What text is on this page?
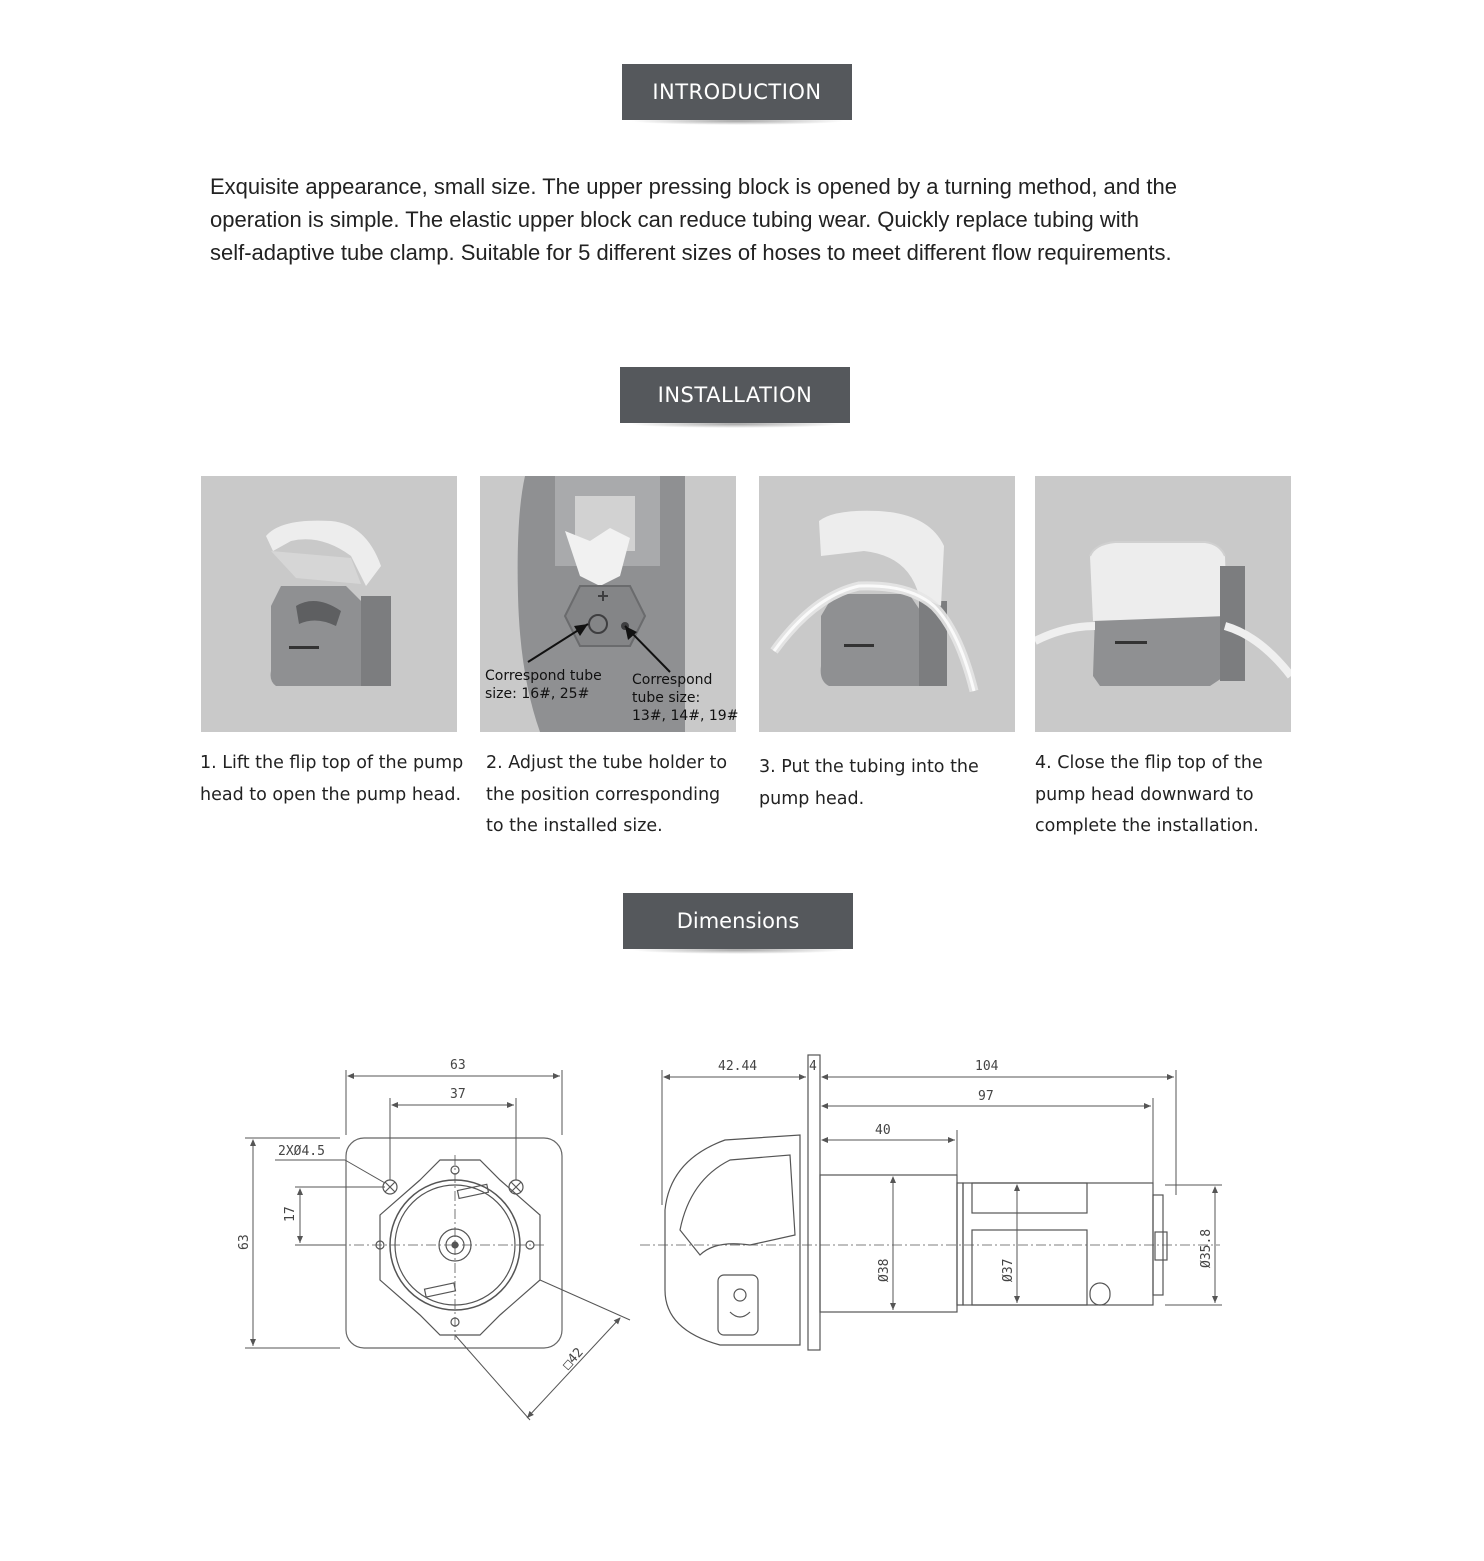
INTRODUCTION
Exquisite appearance, small size. The upper pressing block is opened by a turning method, and the
operation is simple. The elastic upper block can reduce tubing wear. Quickly replace tubing with
self-adaptive tube clamp. Suitable for 5 different sizes of hoses to meet different flow requirements.
INSTALLATION
Correspond tube
size: 16#, 25#
Correspond
tube size:
13#, 14#, 19#
1. Lift the flip top of the pump
head to open the pump head.
2. Adjust the tube holder to
the position corresponding
to the installed size.
3. Put the tubing into the
pump head.
4. Close the flip top of the
pump head downward to
complete the installation.
Dimensions
63
37
2XØ4.5
17
63
□42
42.44	4	104
97
40
Ø38	Ø37
Ø35.8
